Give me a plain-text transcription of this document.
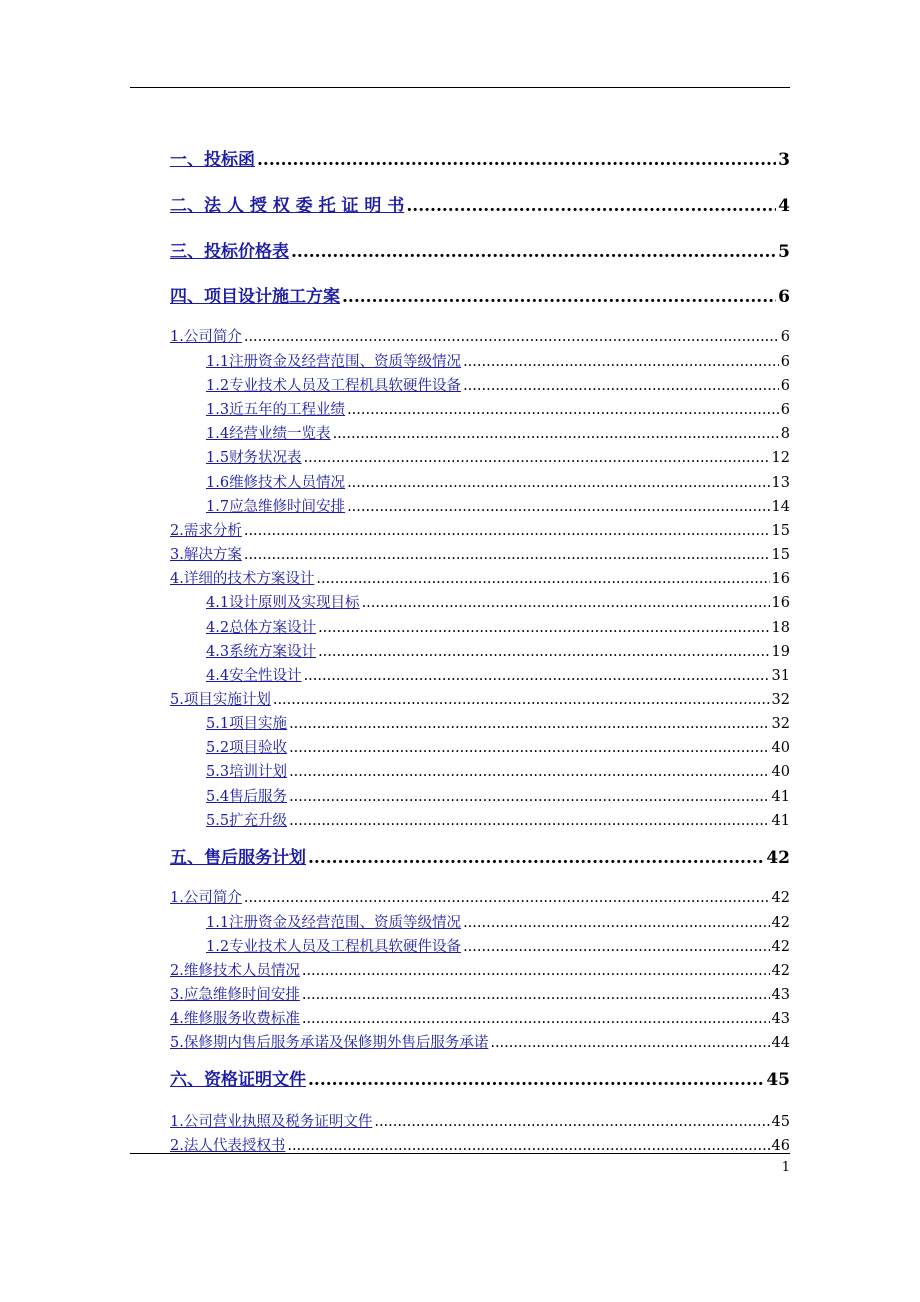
一、 投标函 .....	3
二、 法 人 授 权 委 托 证 明 书 .....	4
三、 投标价格表 .....	5
四、 项目设计施工方案 .....	6
1. 公司简介 .....	6
1.1 注册资金及经营范围、资质等级情况 .....	6
1.2 专业技术人员及工程机具软硬件设备 .....	6
1.3 近五年的工程业绩 .....	6
1.4 经营业绩一览表 .....	8
1.5 财务状况表 .....	12
1.6 维修技术人员情况 .....	13
1.7 应急维修时间安排 .....	14
2. 需求分析 .....	15
3. 解决方案 .....	15
4. 详细的技术方案设计 .....	16
4.1 设计原则及实现目标 .....	16
4.2 总体方案设计 .....	18
4.3 系统方案设计 .....	19
4.4 安全性设计 .....	31
5. 项目实施计划 .....	32
5.1 项目实施 .....	32
5.2 项目验收 .....	40
5.3 培训计划 .....	40
5.4 售后服务 .....	41
5.5 扩充升级 .....	41
五、 售后服务计划 .....	42
1. 公司简介 .....	42
1.1 注册资金及经营范围、资质等级情况 .....	42
1.2 专业技术人员及工程机具软硬件设备 .....	42
2. 维修技术人员情况 .....	42
3. 应急维修时间安排 .....	43
4. 维修服务收费标准 .....	43
5. 保修期内售后服务承诺及保修期外售后服务承诺 .....	44
六、 资格证明文件 .....	45
1. 公司营业执照及税务证明文件 .....	45
2. 法人代表授权书 .....	46
1
